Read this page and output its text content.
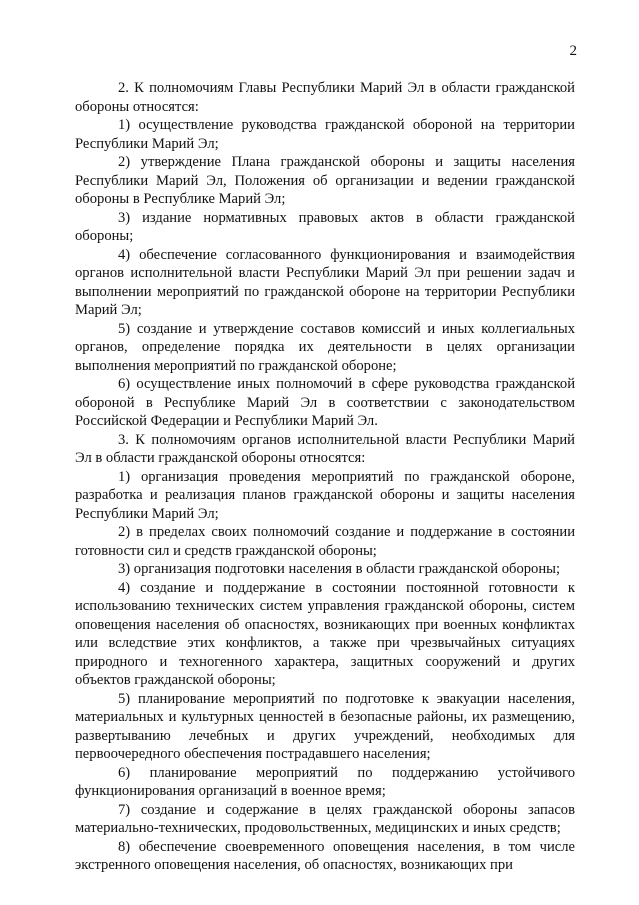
2

2. К полномочиям Главы Республики Марий Эл в области гражданской обороны относятся:

1) осуществление руководства гражданской обороной на территории Республики Марий Эл;

2) утверждение Плана гражданской обороны и защиты населения Республики Марий Эл, Положения об организации и ведении гражданской обороны в Республике Марий Эл;

3) издание нормативных правовых актов в области гражданской обороны;

4) обеспечение согласованного функционирования и взаимодействия органов исполнительной власти Республики Марий Эл при решении задач и выполнении мероприятий по гражданской обороне на территории Республики Марий Эл;

5) создание и утверждение составов комиссий и иных коллегиальных органов, определение порядка их деятельности в целях организации выполнения мероприятий по гражданской обороне;

6) осуществление иных полномочий в сфере руководства гражданской обороной в Республике Марий Эл в соответствии с законодательством Российской Федерации и Республики Марий Эл.

3. К полномочиям органов исполнительной власти Республики Марий Эл в области гражданской обороны относятся:

1) организация проведения мероприятий по гражданской обороне, разработка и реализация планов гражданской обороны и защиты населения Республики Марий Эл;

2) в пределах своих полномочий создание и поддержание в состоянии готовности сил и средств гражданской обороны;

3) организация подготовки населения в области гражданской обороны;

4) создание и поддержание в состоянии постоянной готовности к использованию технических систем управления гражданской обороны, систем оповещения населения об опасностях, возникающих при военных конфликтах или вследствие этих конфликтов, а также при чрезвычайных ситуациях природного и техногенного характера, защитных сооружений и других объектов гражданской обороны;

5) планирование мероприятий по подготовке к эвакуации населения, материальных и культурных ценностей в безопасные районы, их размещению, развертыванию лечебных и других учреждений, необходимых для первоочередного обеспечения пострадавшего населения;

6) планирование мероприятий по поддержанию устойчивого функционирования организаций в военное время;

7) создание и содержание в целях гражданской обороны запасов материально-технических, продовольственных, медицинских и иных средств;

8) обеспечение своевременного оповещения населения, в том числе экстренного оповещения населения, об опасностях, возникающих при
